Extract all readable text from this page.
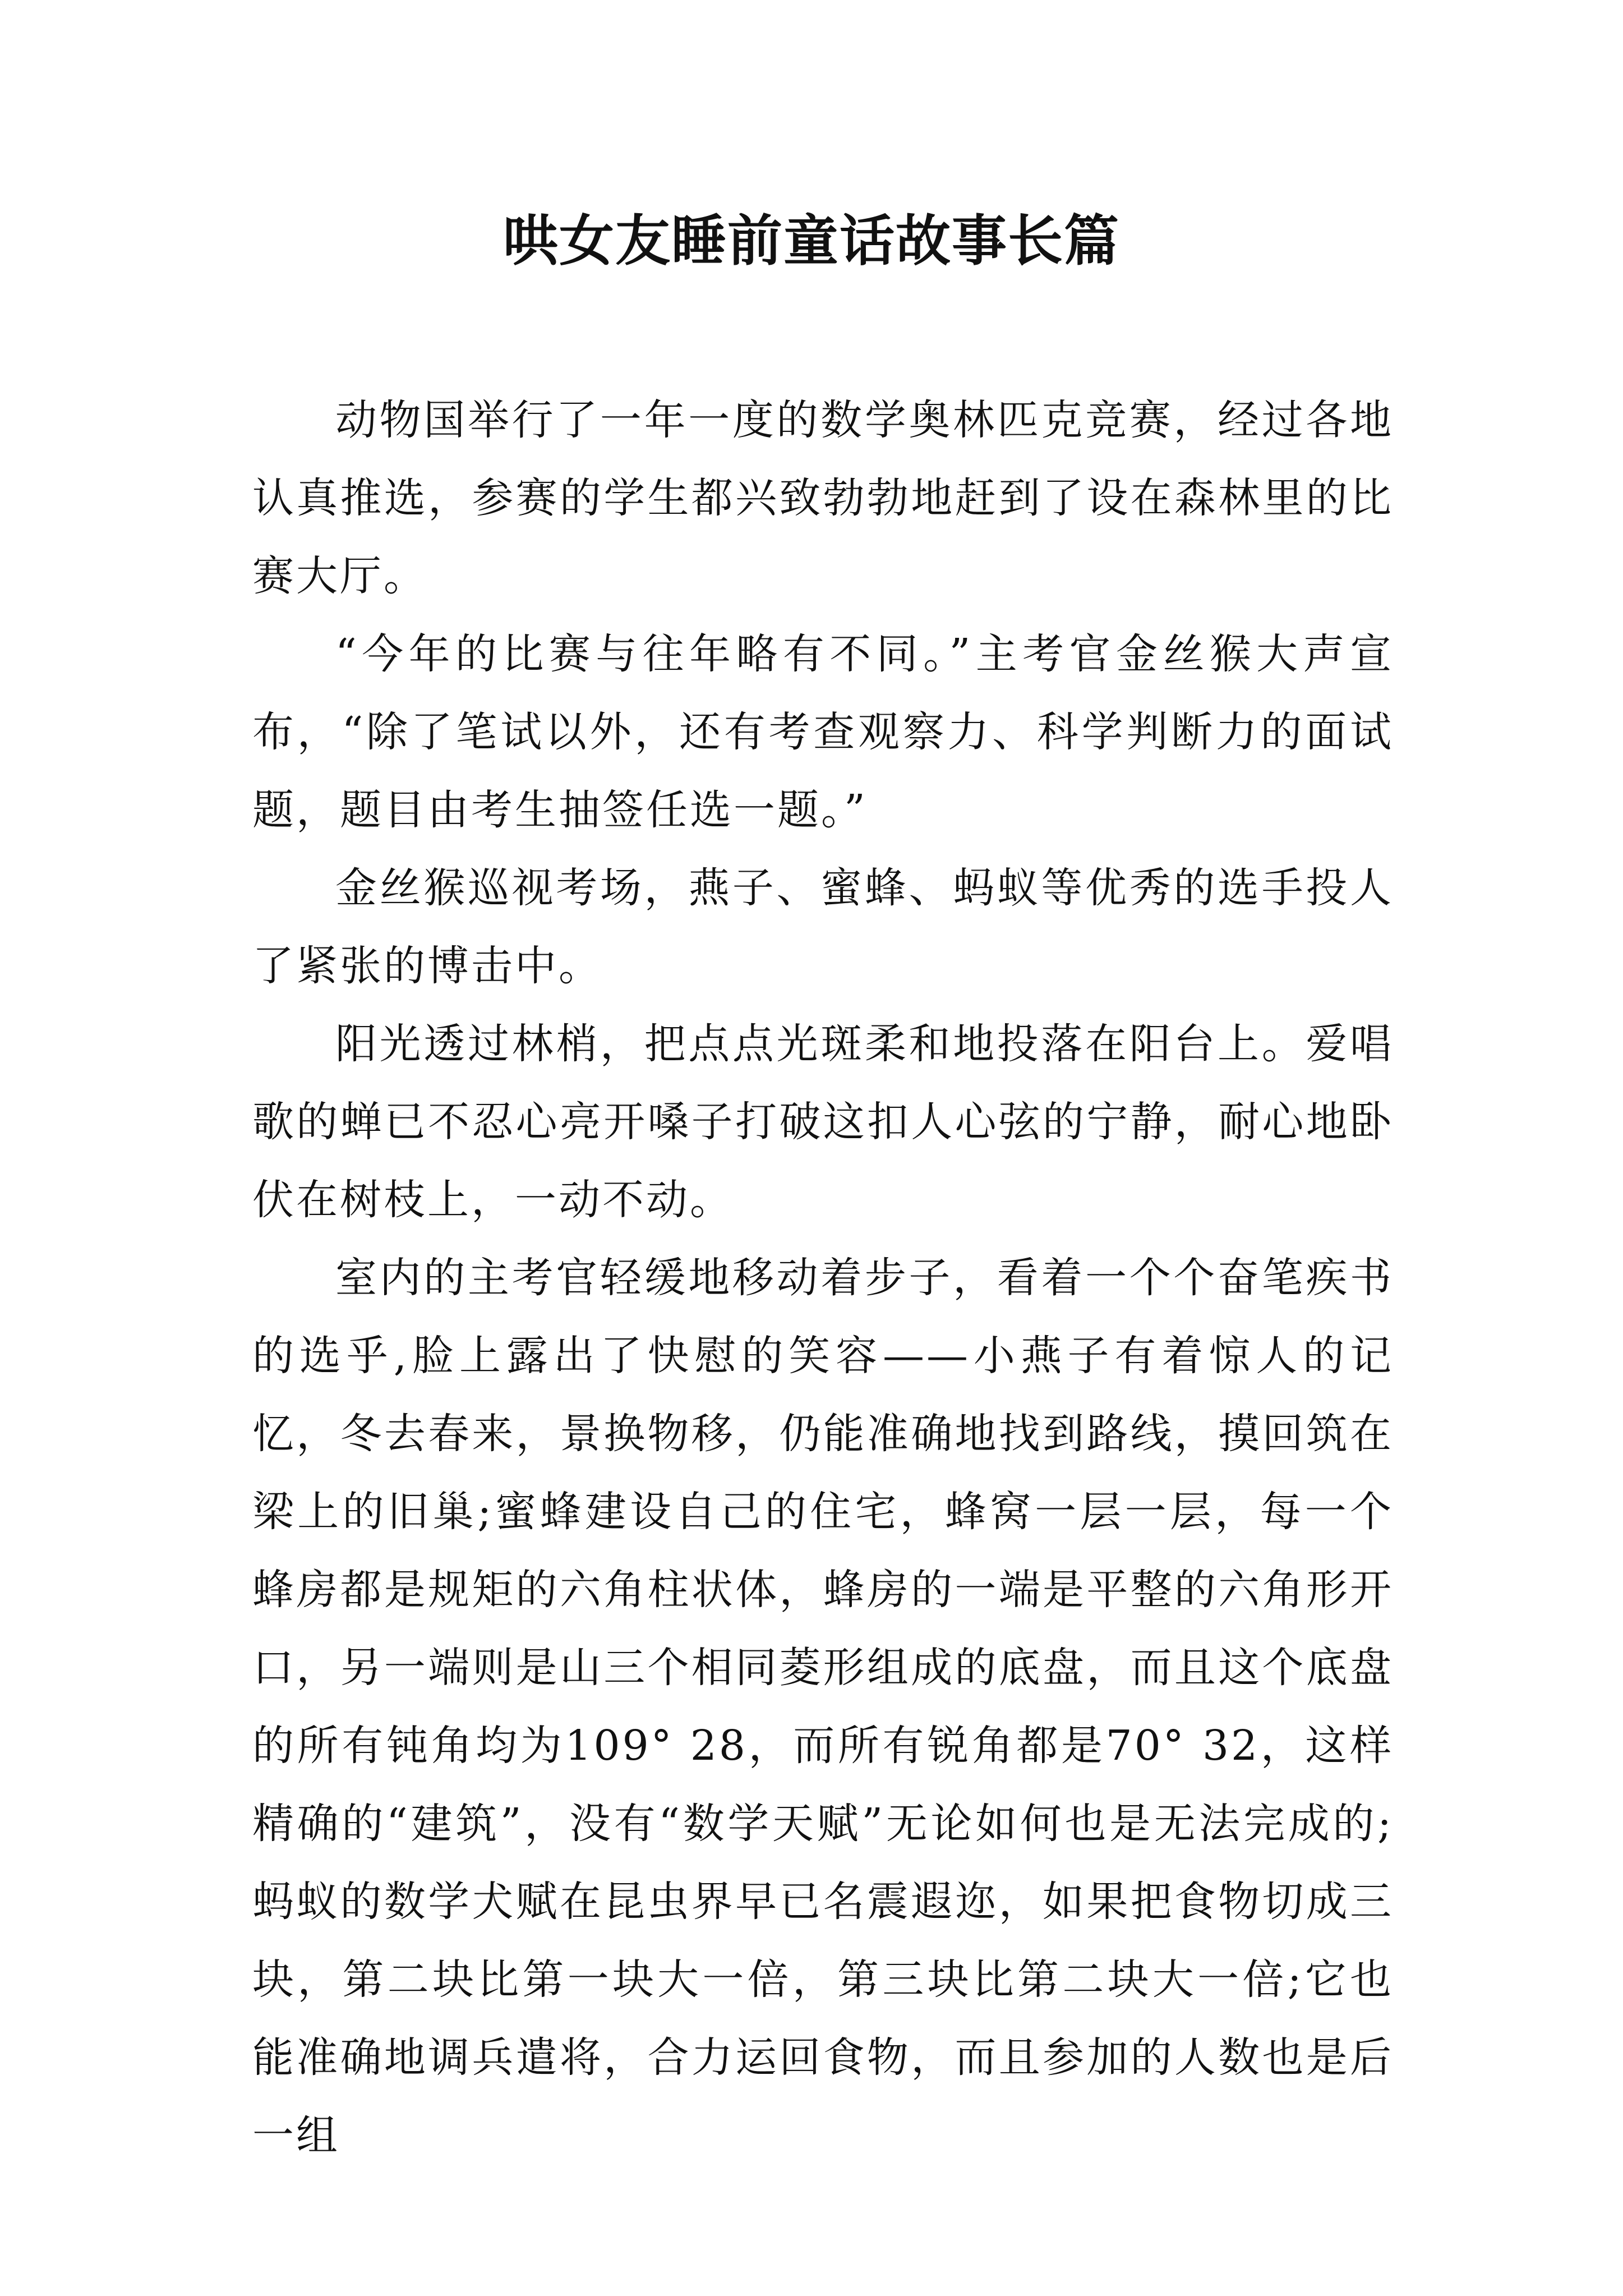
哄女友睡前童话故事长篇

动物国举行了一年一度的数学奥林匹克竞赛，经过各地认真推选，参赛的学生都兴致勃勃地赶到了设在森林里的比赛大厅。

“今年的比赛与往年略有不同。”主考官金丝猴大声宣布，“除了笔试以外，还有考查观察力、科学判断力的面试题，题目由考生抽签任选一题。”

金丝猴巡视考场，燕子、蜜蜂、蚂蚁等优秀的选手投人了紧张的博击中。

阳光透过林梢，把点点光斑柔和地投落在阳台上。爱唱歌的蝉已不忍心亮开嗓子打破这扣人心弦的宁静，耐心地卧伏在树枝上，一动不动。

室内的主考官轻缓地移动着步子，看着一个个奋笔疾书的选乎,脸上露出了快慰的笑容——小燕子有着惊人的记忆，冬去春来，景换物移，仍能准确地找到路线，摸回筑在梁上的旧巢;蜜蜂建设自己的住宅，蜂窝一层一层，每一个蜂房都是规矩的六角柱状体，蜂房的一端是平整的六角形开口，另一端则是山三个相同菱形组成的底盘，而且这个底盘的所有钝角均为109° 28，而所有锐角都是70° 32，这样精确的“建筑”，没有“数学天赋”无论如何也是无法完成的;蚂蚁的数学犬赋在昆虫界早已名震遐迩，如果把食物切成三块，第二块比第一块大一倍，第三块比第二块大一倍;它也能准确地调兵遣将，合力运回食物，而且参加的人数也是后一组
